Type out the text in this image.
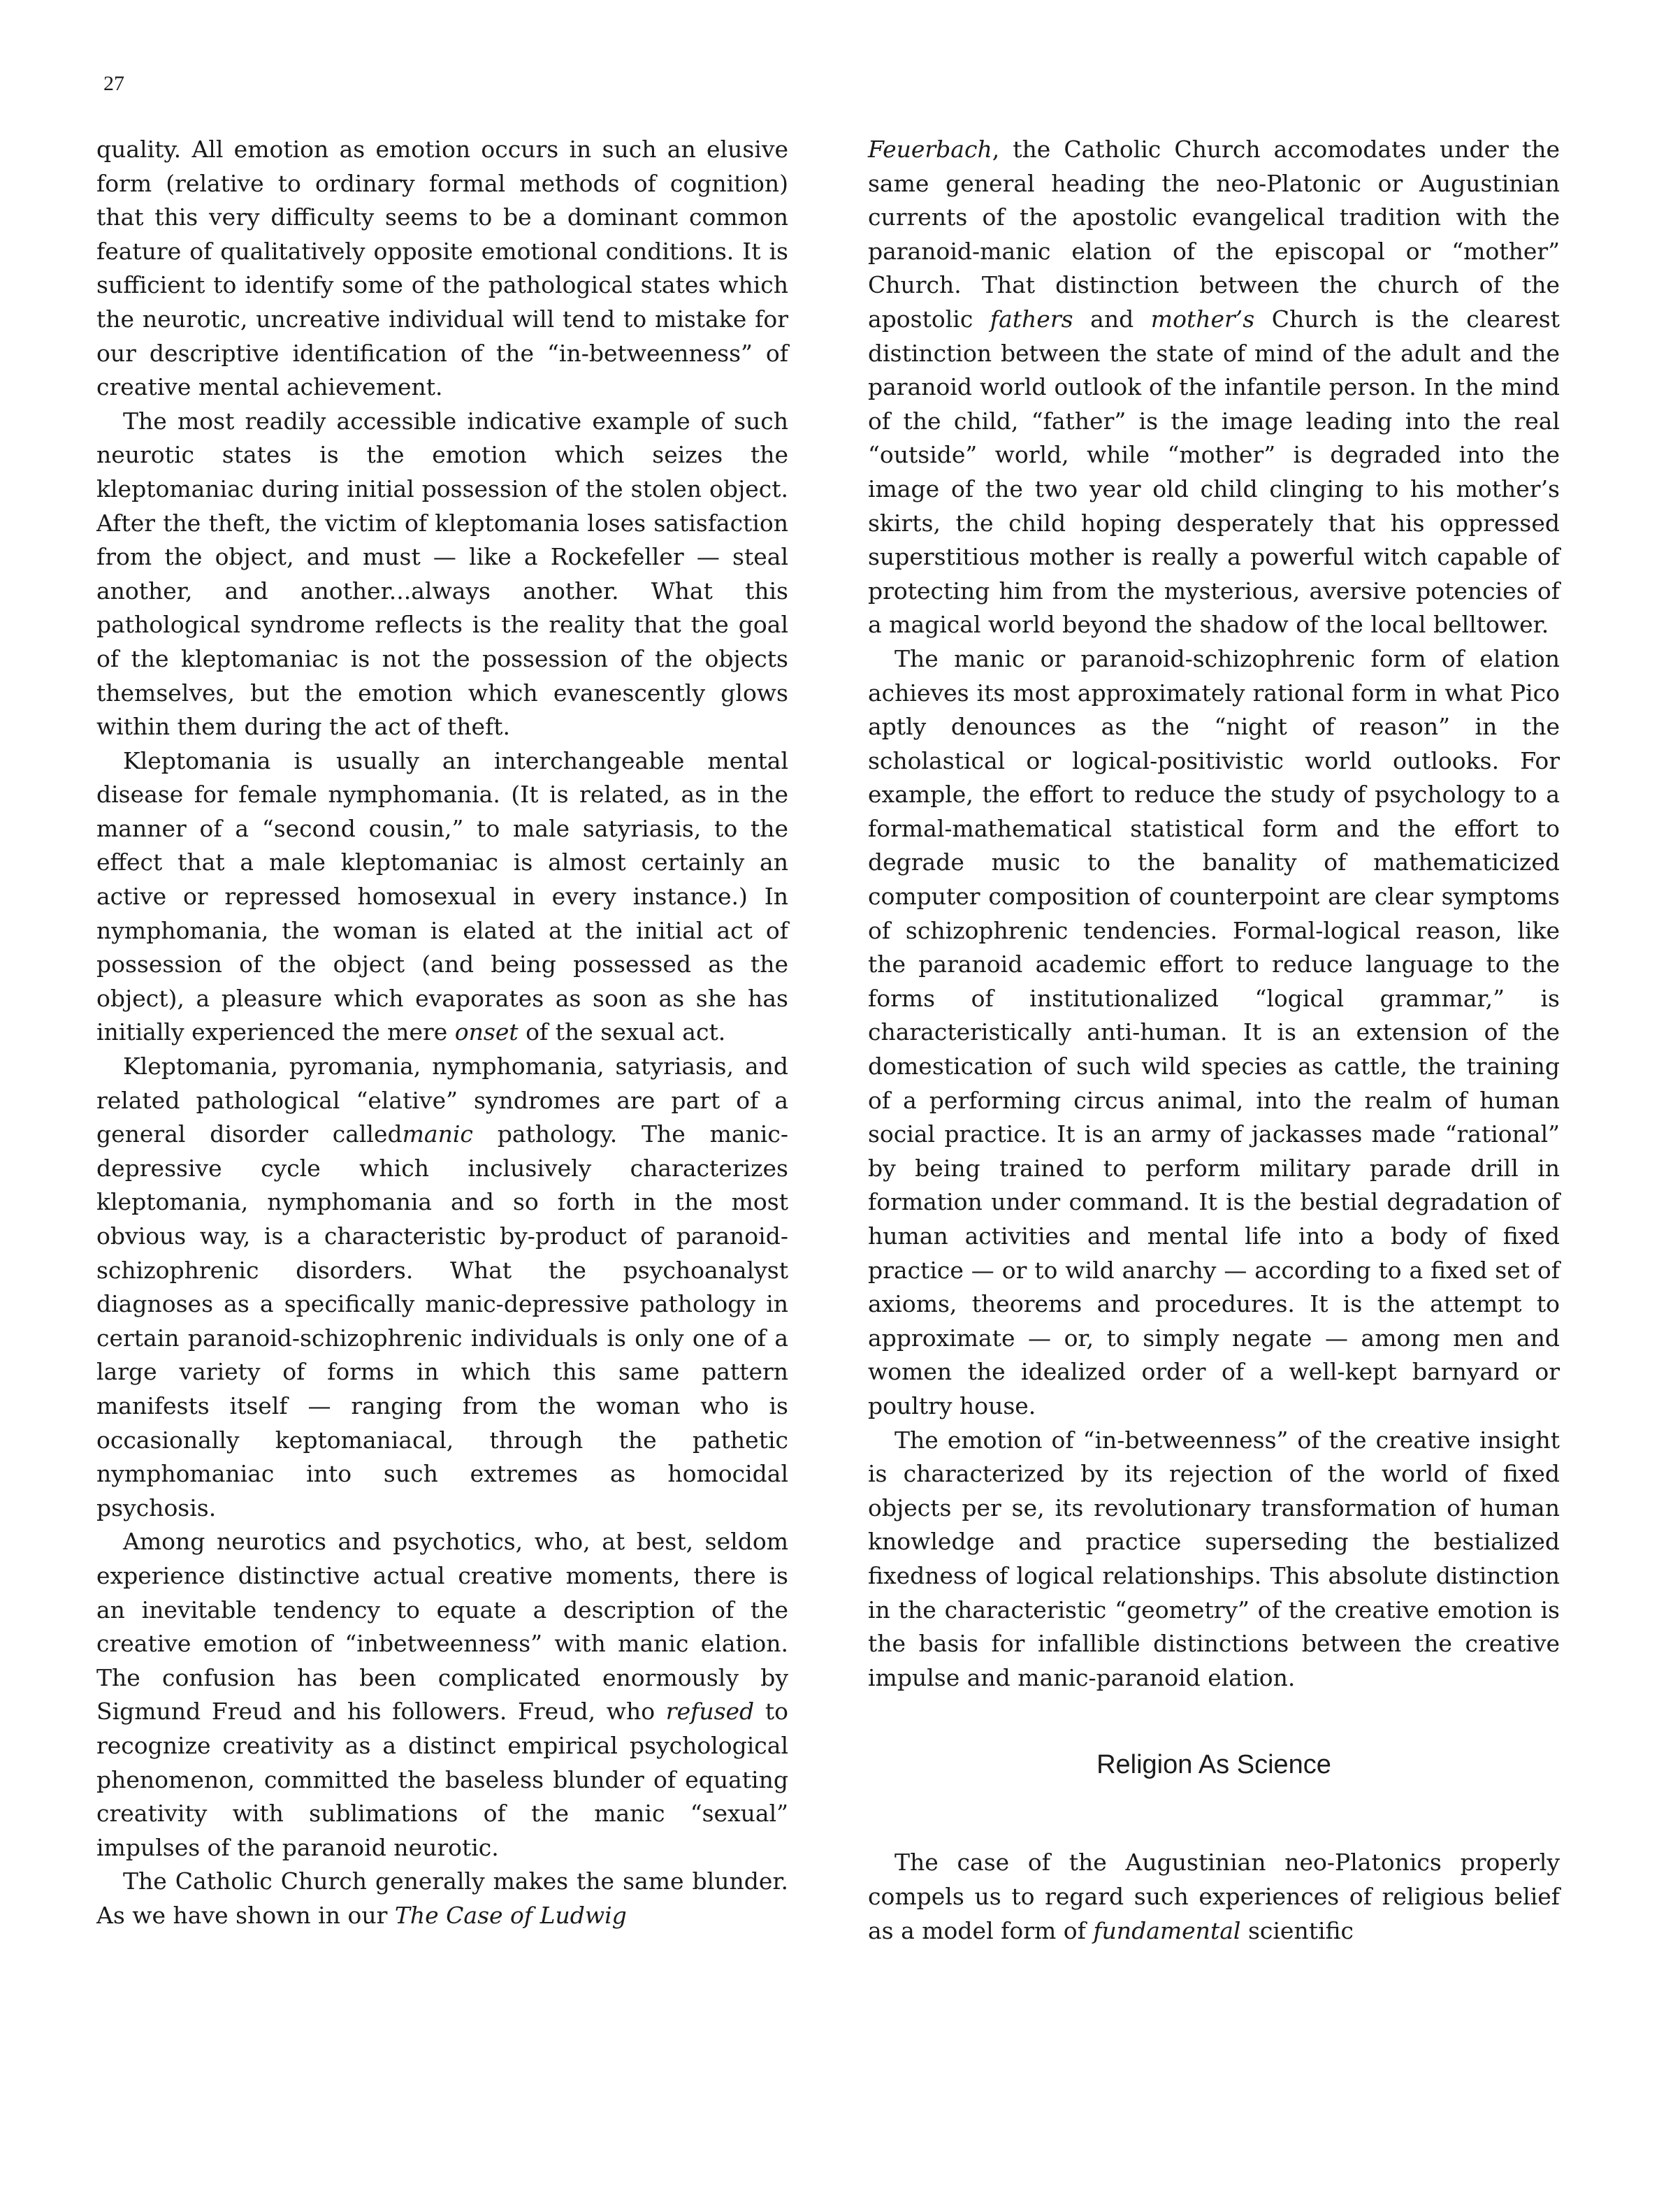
27

quality. All emotion as emotion occurs in such an elusive form (relative to ordinary formal methods of cognition) that this very difficulty seems to be a dominant common feature of qualitatively opposite emotional conditions. It is sufficient to identify some of the pathological states which the neurotic, uncreative individual will tend to mistake for our descriptive identification of the “in-betweenness” of creative mental achievement.

The most readily accessible indicative example of such neurotic states is the emotion which seizes the kleptomaniac during initial possession of the stolen object. After the theft, the victim of kleptomania loses satisfaction from the object, and must — like a Rockefeller — steal another, and another...always another. What this pathological syndrome reflects is the reality that the goal of the kleptomaniac is not the possession of the objects themselves, but the emotion which evanescently glows within them during the act of theft.

Kleptomania is usually an interchangeable mental disease for female nymphomania. (It is related, as in the manner of a “second cousin,” to male satyriasis, to the effect that a male kleptomaniac is almost certainly an active or repressed homosexual in every instance.) In nymphomania, the woman is elated at the initial act of possession of the object (and being possessed as the object), a pleasure which evaporates as soon as she has initially experienced the mere onset of the sexual act.

Kleptomania, pyromania, nymphomania, satyriasis, and related pathological “elative” syndromes are part of a general disorder calledmanic pathology. The manic-depressive cycle which inclusively characterizes kleptomania, nymphomania and so forth in the most obvious way, is a characteristic by-product of paranoid-schizophrenic disorders. What the psychoanalyst diagnoses as a specifically manic-depressive pathology in certain paranoid-schizophrenic individuals is only one of a large variety of forms in which this same pattern manifests itself — ranging from the woman who is occasionally keptomaniacal, through the pathetic nymphomaniac into such extremes as homocidal psychosis.

Among neurotics and psychotics, who, at best, seldom experience distinctive actual creative moments, there is an inevitable tendency to equate a description of the creative emotion of “inbetweenness” with manic elation. The confusion has been complicated enormously by Sigmund Freud and his followers. Freud, who refused to recognize creativity as a distinct empirical psychological phenomenon, committed the baseless blunder of equating creativity with sublimations of the manic “sexual” impulses of the paranoid neurotic.

The Catholic Church generally makes the same blunder. As we have shown in our The Case of Ludwig

Feuerbach, the Catholic Church accomodates under the same general heading the neo-Platonic or Augustinian currents of the apostolic evangelical tradition with the paranoid-manic elation of the episcopal or “mother” Church. That distinction between the church of the apostolic fathers and mother’s Church is the clearest distinction between the state of mind of the adult and the paranoid world outlook of the infantile person. In the mind of the child, “father” is the image leading into the real “outside” world, while “mother” is degraded into the image of the two year old child clinging to his mother’s skirts, the child hoping desperately that his oppressed superstitious mother is really a powerful witch capable of protecting him from the mysterious, aversive potencies of a magical world beyond the shadow of the local belltower.

The manic or paranoid-schizophrenic form of elation achieves its most approximately rational form in what Pico aptly denounces as the “night of reason” in the scholastical or logical-positivistic world outlooks. For example, the effort to reduce the study of psychology to a formal-mathematical statistical form and the effort to degrade music to the banality of mathematicized computer composition of counterpoint are clear symptoms of schizophrenic tendencies. Formal-logical reason, like the paranoid academic effort to reduce language to the forms of institutionalized “logical grammar,” is characteristically anti-human. It is an extension of the domestication of such wild species as cattle, the training of a performing circus animal, into the realm of human social practice. It is an army of jackasses made “rational” by being trained to perform military parade drill in formation under command. It is the bestial degradation of human activities and mental life into a body of fixed practice — or to wild anarchy — according to a fixed set of axioms, theorems and procedures. It is the attempt to approximate — or, to simply negate — among men and women the idealized order of a well-kept barnyard or poultry house.

The emotion of “in-betweenness” of the creative insight is characterized by its rejection of the world of fixed objects per se, its revolutionary transformation of human knowledge and practice superseding the bestialized fixedness of logical relationships. This absolute distinction in the characteristic “geometry” of the creative emotion is the basis for infallible distinctions between the creative impulse and manic-paranoid elation.

Religion As Science

The case of the Augustinian neo-Platonics properly compels us to regard such experiences of religious belief as a model form of fundamental scientific
